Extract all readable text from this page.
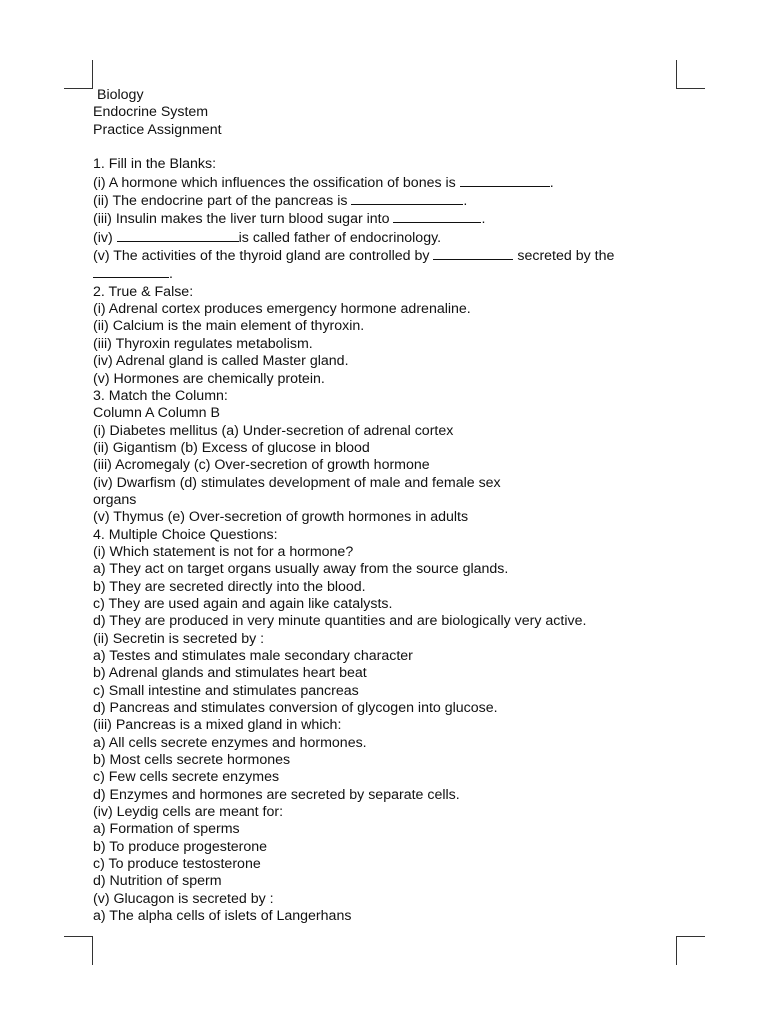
Biology

Endocrine System

Practice Assignment

1. Fill in the Blanks:

(i) A hormone which influences the ossification of bones is	.

(ii) The endocrine part of the pancreas is	.

(iii) Insulin makes the liver turn blood sugar into	.

(iv)	is called father of endocrinology.

(v) The activities of the thyroid gland are controlled by	secreted by the

.

2. True & False:

(i) Adrenal cortex produces emergency hormone adrenaline.

(ii) Calcium is the main element of thyroxin.

(iii) Thyroxin regulates metabolism.

(iv) Adrenal gland is called Master gland.

(v) Hormones are chemically protein.

3. Match the Column:

Column A Column B

(i) Diabetes mellitus (a) Under-secretion of adrenal cortex

(ii) Gigantism (b) Excess of glucose in blood

(iii) Acromegaly (c) Over-secretion of growth hormone

(iv) Dwarfism (d) stimulates development of male and female sex

organs

(v) Thymus (e) Over-secretion of growth hormones in adults

4. Multiple Choice Questions:

(i) Which statement is not for a hormone?

a) They act on target organs usually away from the source glands.

b) They are secreted directly into the blood.

c) They are used again and again like catalysts.

d) They are produced in very minute quantities and are biologically very active.

(ii) Secretin is secreted by :

a) Testes and stimulates male secondary character

b) Adrenal glands and stimulates heart beat

c) Small intestine and stimulates pancreas

d) Pancreas and stimulates conversion of glycogen into glucose.

(iii) Pancreas is a mixed gland in which:

a) All cells secrete enzymes and hormones.

b) Most cells secrete hormones

c) Few cells secrete enzymes

d) Enzymes and hormones are secreted by separate cells.

(iv) Leydig cells are meant for:

a) Formation of sperms

b) To produce progesterone

c) To produce testosterone

d) Nutrition of sperm

(v) Glucagon is secreted by :

a) The alpha cells of islets of Langerhans
